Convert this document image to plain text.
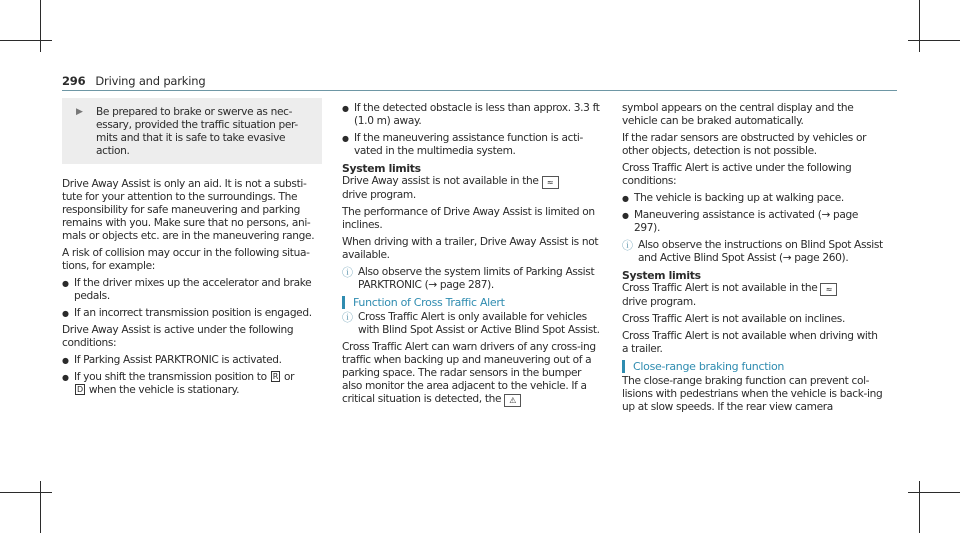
296 Driving and parking
▶	Be prepared to brake or swerve as nec-essary, provided the traffic situation per-mits and that it is safe to take evasive action.

Drive Away Assist is only an aid. It is not a substi-tute for your attention to the surroundings. The responsibility for safe maneuvering and parking remains with you. Make sure that no persons, ani-mals or objects etc. are in the maneuvering range.

A risk of collision may occur in the following situa-tions, for example:

● If the driver mixes up the accelerator and brake pedals.
● If an incorrect transmission position is engaged.

Drive Away Assist is active under the following conditions:

● If Parking Assist PARKTRONIC is activated.
● If you shift the transmission position to R or
D when the vehicle is stationary.
● If the detected obstacle is less than approx. 3.3 ft (1.0 m) away.
● If the maneuvering assistance function is acti-vated in the multimedia system.
System limits

Drive Away assist is not available in the ≈
drive program.

The performance of Drive Away Assist is limited on inclines.

When driving with a trailer, Drive Away Assist is not available.

ⓘ Also observe the system limits of Parking Assist PARKTRONIC (→ page 287).
Function of Cross Traffic Alert
ⓘ Cross Traffic Alert is only available for vehicles with Blind Spot Assist or Active Blind Spot Assist.

Cross Traffic Alert can warn drivers of any cross-ing traffic when backing up and maneuvering out of a parking space. The radar sensors in the bumper also monitor the area adjacent to the vehicle. If a critical situation is detected, the ⚠

symbol appears on the central display and the vehicle can be braked automatically.

If the radar sensors are obstructed by vehicles or other objects, detection is not possible.

Cross Traffic Alert is active under the following conditions:

● The vehicle is backing up at walking pace.
● Maneuvering assistance is activated (→ page 297).
ⓘ Also observe the instructions on Blind Spot Assist and Active Blind Spot Assist (→ page 260).
System limits

Cross Traffic Alert is not available in the ≈
drive program.

Cross Traffic Alert is not available on inclines.

Cross Traffic Alert is not available when driving with a trailer.

Close-range braking function

The close-range braking function can prevent col-lisions with pedestrians when the vehicle is back-ing up at slow speeds. If the rear view camera
